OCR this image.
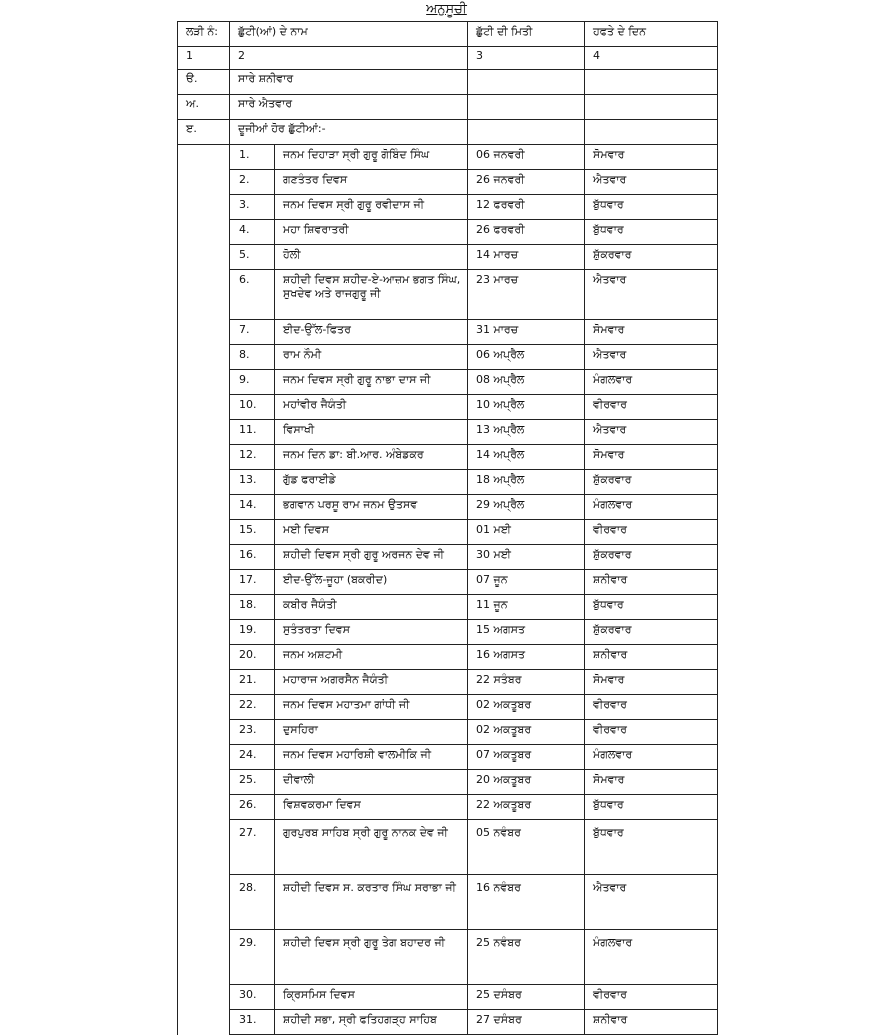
ਅਨੁਸੂਚੀ
ਲੜੀ ਨੰ:	ਛੁੱਟੀ(ਆਂ) ਦੇ ਨਾਮ		ਛੁੱਟੀ ਦੀ ਮਿਤੀ	ਹਫਤੇ ਦੇ ਦਿਨ
1	2		3	4
ੳ.	ਸਾਰੇ ਸ਼ਨੀਵਾਰ			
ਅ.	ਸਾਰੇ ਐਤਵਾਰ			
ੲ.	ਦੂਜੀਆਂ ਹੋਰ ਛੁੱਟੀਆਂ:-			
	1.	ਜਨਮ ਦਿਹਾੜਾ ਸ੍ਰੀ ਗੁਰੂ ਗੋਬਿੰਦ ਸਿੰਘ	06 ਜਨਵਰੀ	ਸੋਮਵਾਰ
	2.	ਗਣਤੰਤਰ ਦਿਵਸ	26 ਜਨਵਰੀ	ਐਤਵਾਰ
	3.	ਜਨਮ ਦਿਵਸ ਸ੍ਰੀ ਗੁਰੂ ਰਵੀਦਾਸ ਜੀ	12 ਫਰਵਰੀ	ਬੁੱਧਵਾਰ
	4.	ਮਹਾ ਸ਼ਿਵਰਾਤਰੀ	26 ਫਰਵਰੀ	ਬੁੱਧਵਾਰ
	5.	ਹੋਲੀ	14 ਮਾਰਚ	ਸ਼ੁੱਕਰਵਾਰ
	6.	ਸ਼ਹੀਦੀ ਦਿਵਸ ਸ਼ਹੀਦ-ਏ-ਆਜ਼ਮ ਭਗਤ ਸਿੰਘ, ਸੁਖਦੇਵ ਅਤੇ ਰਾਜਗੁਰੂ ਜੀ	23 ਮਾਰਚ	ਐਤਵਾਰ
	7.	ਈਦ-ਉੱਲ-ਫਿਤਰ	31 ਮਾਰਚ	ਸੋਮਵਾਰ
	8.	ਰਾਮ ਨੌਮੀ	06 ਅਪ੍ਰੈਲ	ਐਤਵਾਰ
	9.	ਜਨਮ ਦਿਵਸ ਸ੍ਰੀ ਗੁਰੂ ਨਾਭਾ ਦਾਸ ਜੀ	08 ਅਪ੍ਰੈਲ	ਮੰਗਲਵਾਰ
	10.	ਮਹਾਂਵੀਰ ਜੈਯੰਤੀ	10 ਅਪ੍ਰੈਲ	ਵੀਰਵਾਰ
	11.	ਵਿਸਾਖੀ	13 ਅਪ੍ਰੈਲ	ਐਤਵਾਰ
	12.	ਜਨਮ ਦਿਨ ਡਾ: ਬੀ.ਆਰ. ਅੰਬੇਡਕਰ	14 ਅਪ੍ਰੈਲ	ਸੋਮਵਾਰ
	13.	ਗੁੱਡ ਫਰਾਈਡੇ	18 ਅਪ੍ਰੈਲ	ਸ਼ੁੱਕਰਵਾਰ
	14.	ਭਗਵਾਨ ਪਰਸੂ ਰਾਮ ਜਨਮ ਉਤਸਵ	29 ਅਪ੍ਰੈਲ	ਮੰਗਲਵਾਰ
	15.	ਮਈ ਦਿਵਸ	01 ਮਈ	ਵੀਰਵਾਰ
	16.	ਸ਼ਹੀਦੀ ਦਿਵਸ ਸ੍ਰੀ ਗੁਰੂ ਅਰਜਨ ਦੇਵ ਜੀ	30 ਮਈ	ਸ਼ੁੱਕਰਵਾਰ
	17.	ਈਦ-ਉੱਲ-ਜੂਹਾ (ਬਕਰੀਦ)	07 ਜੂਨ	ਸ਼ਨੀਵਾਰ
	18.	ਕਬੀਰ ਜੈਯੰਤੀ	11 ਜੂਨ	ਬੁੱਧਵਾਰ
	19.	ਸੁਤੰਤਰਤਾ ਦਿਵਸ	15 ਅਗਸਤ	ਸ਼ੁੱਕਰਵਾਰ
	20.	ਜਨਮ ਅਸ਼ਟਮੀ	16 ਅਗਸਤ	ਸ਼ਨੀਵਾਰ
	21.	ਮਹਾਰਾਜ ਅਗਰਸੈਨ ਜੈਯੰਤੀ	22 ਸਤੰਬਰ	ਸੋਮਵਾਰ
	22.	ਜਨਮ ਦਿਵਸ ਮਹਾਤਮਾ ਗਾਂਧੀ ਜੀ	02 ਅਕਤੂਬਰ	ਵੀਰਵਾਰ
	23.	ਦੁਸਹਿਰਾ	02 ਅਕਤੂਬਰ	ਵੀਰਵਾਰ
	24.	ਜਨਮ ਦਿਵਸ ਮਹਾਰਿਸ਼ੀ ਵਾਲਮੀਕਿ ਜੀ	07 ਅਕਤੂਬਰ	ਮੰਗਲਵਾਰ
	25.	ਦੀਵਾਲੀ	20 ਅਕਤੂਬਰ	ਸੋਮਵਾਰ
	26.	ਵਿਸ਼ਵਕਰਮਾ ਦਿਵਸ	22 ਅਕਤੂਬਰ	ਬੁੱਧਵਾਰ
	27.	ਗੁਰਪੁਰਬ ਸਾਹਿਬ ਸ੍ਰੀ ਗੁਰੂ ਨਾਨਕ ਦੇਵ ਜੀ	05 ਨਵੰਬਰ	ਬੁੱਧਵਾਰ
	28.	ਸ਼ਹੀਦੀ ਦਿਵਸ ਸ. ਕਰਤਾਰ ਸਿੰਘ ਸਰਾਭਾ ਜੀ	16 ਨਵੰਬਰ	ਐਤਵਾਰ
	29.	ਸ਼ਹੀਦੀ ਦਿਵਸ ਸ੍ਰੀ ਗੁਰੂ ਤੇਗ ਬਹਾਦਰ ਜੀ	25 ਨਵੰਬਰ	ਮੰਗਲਵਾਰ
	30.	ਕ੍ਰਿਸਮਿਸ ਦਿਵਸ	25 ਦਸੰਬਰ	ਵੀਰਵਾਰ
	31.	ਸ਼ਹੀਦੀ ਸਭਾ, ਸ੍ਰੀ ਫਤਿਹਗੜ੍ਹ ਸਾਹਿਬ	27 ਦਸੰਬਰ	ਸ਼ਨੀਵਾਰ
